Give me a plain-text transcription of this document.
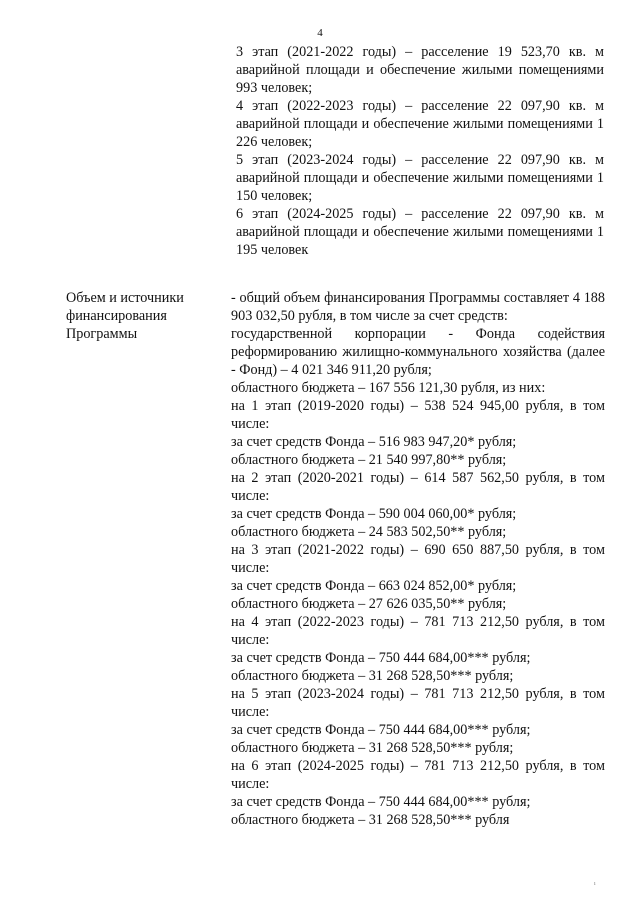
4

3 этап (2021-2022 годы) – расселение 19 523,70 кв. м аварийной площади и обеспечение жилыми помещениями 993 человек;

4 этап (2022-2023 годы) – расселение 22 097,90 кв. м аварийной площади и обеспечение жилыми помещениями 1 226 человек;

5 этап (2023-2024 годы) – расселение 22 097,90 кв. м аварийной площади и обеспечение жилыми помещениями 1 150 человек;

6 этап (2024-2025 годы) – расселение 22 097,90 кв. м аварийной площади и обеспечение жилыми помещениями 1 195 человек

Объем и источники финансирования Программы

- общий объем финансирования Программы составляет 4 188 903 032,50 рубля, в том числе за счет средств:

государственной корпорации - Фонда содействия реформированию жилищно-коммунального хозяйства (далее - Фонд) – 4 021 346 911,20 рубля;

областного бюджета – 167 556 121,30 рубля, из них:

на 1 этап (2019-2020 годы) – 538 524 945,00 рубля, в том числе:

за счет средств Фонда – 516 983 947,20* рубля;

областного бюджета – 21 540 997,80** рубля;

на 2 этап (2020-2021 годы) – 614 587 562,50 рубля, в том числе:

за счет средств Фонда – 590 004 060,00* рубля;

областного бюджета – 24 583 502,50** рубля;

на 3 этап (2021-2022 годы) – 690 650 887,50 рубля, в том числе:

за счет средств Фонда – 663 024 852,00* рубля;

областного бюджета – 27 626 035,50** рубля;

на 4 этап (2022-2023 годы) – 781 713 212,50 рубля, в том числе:

за счет средств Фонда – 750 444 684,00*** рубля;

областного бюджета – 31 268 528,50*** рубля;

на 5 этап (2023-2024 годы) – 781 713 212,50 рубля, в том числе:

за счет средств Фонда – 750 444 684,00*** рубля;

областного бюджета – 31 268 528,50*** рубля;

на 6 этап (2024-2025 годы) – 781 713 212,50 рубля, в том числе:

за счет средств Фонда – 750 444 684,00*** рубля;

областного бюджета – 31 268 528,50*** рубля

ı
